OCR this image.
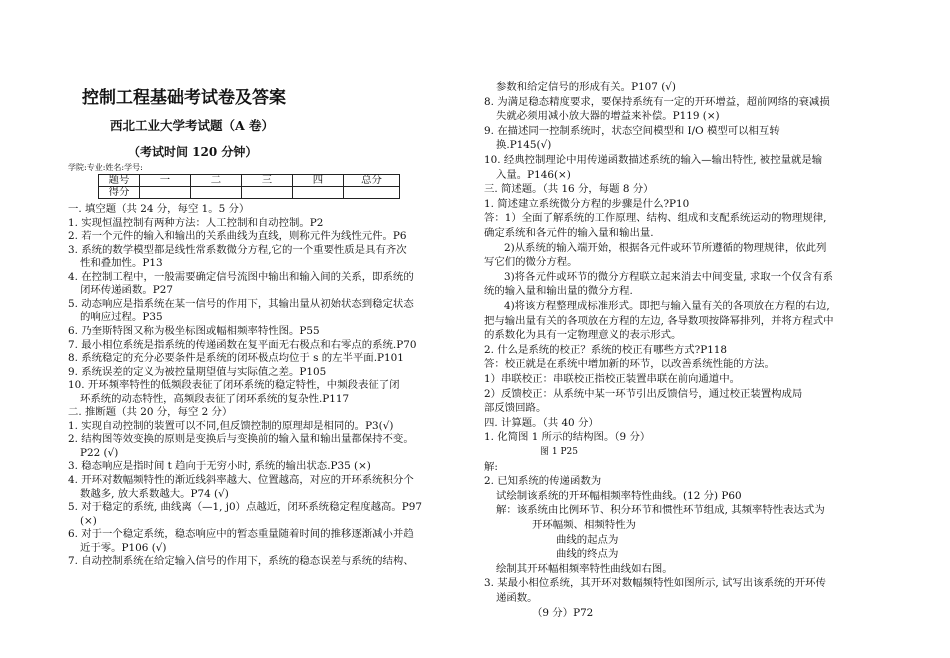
控制工程基础考试卷及答案
西北工业大学考试题（A 卷）
（考试时间 120 分钟）
学院:专业:姓名:学号:
题号	一	二	三	四	总分
得分					
一. 填空题（共 24 分，每空 1。5 分）
1. 实现恒温控制有两种方法：人工控制和自动控制。P2
2. 若一个元件的输入和输出的关系曲线为直线，则称元件为线性元件。P6
3. 系统的数学模型都是线性常系数微分方程,它的一个重要性质是具有齐次
性和叠加性。P13
4. 在控制工程中，一般需要确定信号流图中输出和输入间的关系，即系统的
闭环传递函数。P27
5. 动态响应是指系统在某一信号的作用下，其输出量从初始状态到稳定状态
的响应过程。P35
6. 乃奎斯特图又称为极坐标图或幅相频率特性图。P55
7. 最小相位系统是指系统的传递函数在复平面无右极点和右零点的系统.P70
8. 系统稳定的充分必要条件是系统的闭环极点均位于 s 的左半平面.P101
9. 系统误差的定义为被控量期望值与实际值之差。P105
10. 开环频率特性的低频段表征了闭环系统的稳定特性，中频段表征了闭
环系统的动态特性，高频段表征了闭环系统的复杂性.P117
二. 推断题（共 20 分，每空 2 分）
1. 实现自动控制的装置可以不同,但反馈控制的原理却是相同的。P3(√)
2. 结构图等效变换的原则是变换后与变换前的输入量和输出量都保持不变。
P22 (√)
3. 稳态响应是指时间 t 趋向于无穷小时, 系统的输出状态.P35 (×)
4. 开环对数幅频特性的渐近线斜率越大、位置越高，对应的开环系统积分个
数越多, 放大系数越大。P74 (√)
5. 对于稳定的系统, 曲线离（—1, j0）点越近，闭环系统稳定程度越高。P97
(×)
6. 对于一个稳定系统，稳态响应中的暂态重量随着时间的推移逐渐减小并趋
近于零。P106 (√)
7. 自动控制系统在给定输入信号的作用下，系统的稳态误差与系统的结构、
参数和给定信号的形成有关。P107 (√)
8. 为满足稳态精度要求，要保持系统有一定的开环增益，超前网络的衰减损
失就必须用减小放大器的增益来补偿。P119 (×)
9. 在描述同一控制系统时，状态空间模型和 I/O 模型可以相互转
换.P145(√)
10. 经典控制理论中用传递函数描述系统的输入—输出特性, 被控量就是输
入量。P146(×)
三. 简述题。（共 16 分，每题 8 分）
1. 简述建立系统微分方程的步骤是什么?P10
答：1）全面了解系统的工作原理、结构、组成和支配系统运动的物理规律,
确定系统和各元件的输入量和输出量.
2)从系统的输入端开始，根据各元件或环节所遵循的物理规律，依此列
写它们的微分方程。
3)将各元件或环节的微分方程联立起来消去中间变量, 求取一个仅含有系
统的输入量和输出量的微分方程.
4)将该方程整理成标准形式。即把与输入量有关的各项放在方程的右边,
把与输出量有关的各项放在方程的左边, 各导数项按降幂排列，并将方程式中
的系数化为具有一定物理意义的表示形式。
2. 什么是系统的校正？系统的校正有哪些方式?P118
答：校正就是在系统中增加新的环节，以改善系统性能的方法。
1）串联校正：串联校正指校正装置串联在前向通道中。
2）反馈校正：从系统中某一环节引出反馈信号，通过校正装置构成局
部反馈回路。
四. 计算题。（共 40 分）
1. 化简图 1 所示的结构图。（9 分）
图 1 P25
解:
2. 已知系统的传递函数为
试绘制该系统的开环幅相频率特性曲线。(12 分) P60
解：该系统由比例环节、积分环节和惯性环节组成, 其频率特性表达式为
开环幅频、相频特性为
曲线的起点为
曲线的终点为
绘制其开环幅相频率特性曲线如右图。
3. 某最小相位系统，其开环对数幅频特性如图所示, 试写出该系统的开环传
递函数。
（9 分）P72
